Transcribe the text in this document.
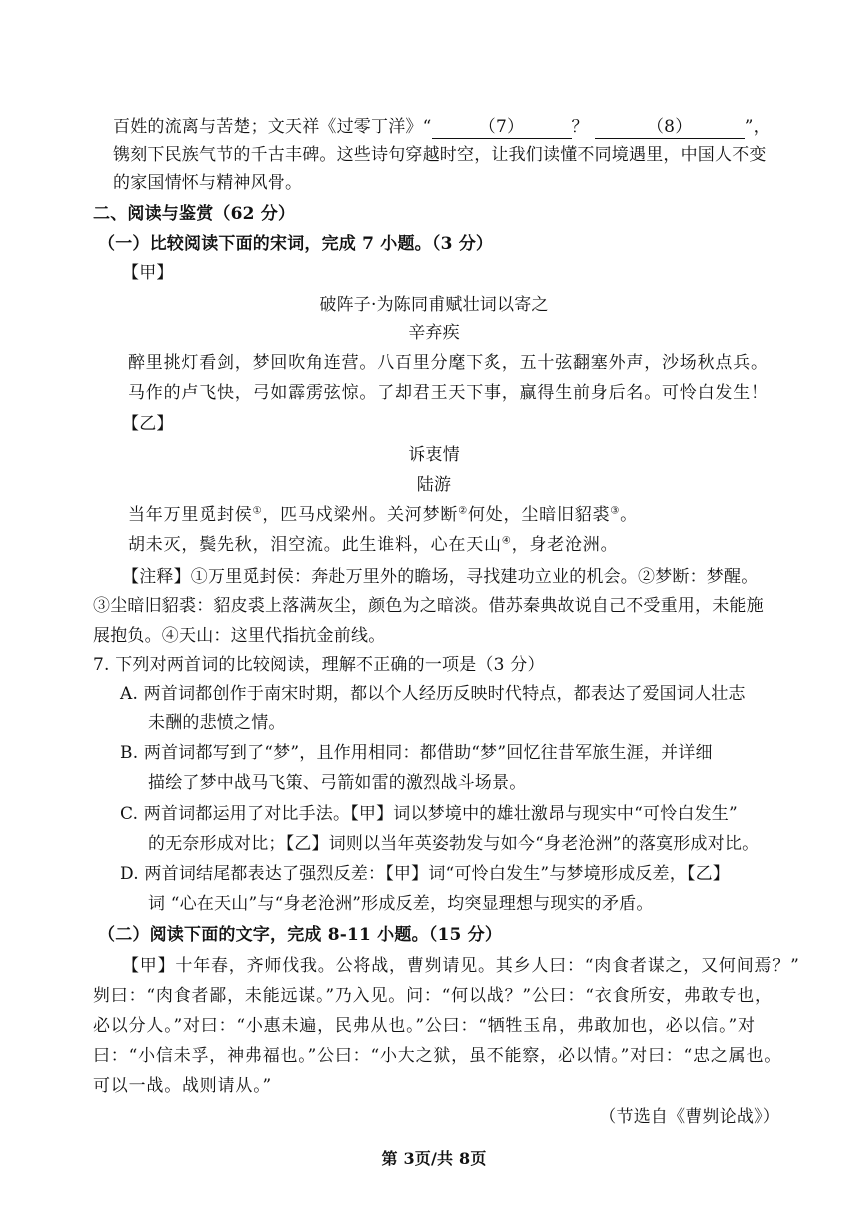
百姓的流离与苦楚；文天祥《过零丁洋》“	（7）	？	（8）	”，
镌刻下民族气节的千古丰碑。这些诗句穿越时空，让我们读懂不同境遇里，中国人不变
的家国情怀与精神风骨。
二、阅读与鉴赏（62 分）
（一）比较阅读下面的宋词，完成 7 小题。（3 分）
【甲】
破阵子·为陈同甫赋壮词以寄之
辛弃疾
醉里挑灯看剑，梦回吹角连营。八百里分麾下炙，五十弦翻塞外声，沙场秋点兵。
马作的卢飞快，弓如霹雳弦惊。了却君王天下事，赢得生前身后名。可怜白发生！
【乙】
诉衷情
陆游
当年万里觅封侯①，匹马戍梁州。关河梦断②何处，尘暗旧貂裘③。
胡未灭，鬓先秋，泪空流。此生谁料，心在天山④，身老沧洲。
【注释】①万里觅封侯：奔赴万里外的瞻场，寻找建功立业的机会。②梦断：梦醒。
③尘暗旧貂裘：貂皮裘上落满灰尘，颜色为之暗淡。借苏秦典故说自己不受重用，未能施
展抱负。④天山：这里代指抗金前线。
7. 下列对两首词的比较阅读，理解不正确的一项是（3 分）
A. 两首词都创作于南宋时期，都以个人经历反映时代特点，都表达了爱国词人壮志
未酬的悲愤之情。
B. 两首词都写到了“梦”，且作用相同：都借助“梦”回忆往昔军旅生涯，并详细
描绘了梦中战马飞策、弓箭如雷的激烈战斗场景。
C. 两首词都运用了对比手法。【甲】词以梦境中的雄壮激昂与现实中“可怜白发生”
的无奈形成对比；【乙】词则以当年英姿勃发与如今“身老沧洲”的落寞形成对比。
D. 两首词结尾都表达了强烈反差：【甲】词“可怜白发生”与梦境形成反差，【乙】
词 “心在天山”与“身老沧洲”形成反差，均突显理想与现实的矛盾。
（二）阅读下面的文字，完成 8-11 小题。（15 分）
【甲】十年春，齐师伐我。公将战，曹刿请见。其乡人曰：“肉食者谋之，又何间焉？”
刿曰：“肉食者鄙，未能远谋。”乃入见。问：“何以战？”公曰：“衣食所安，弗敢专也，
必以分人。”对曰：“小惠未遍，民弗从也。”公曰：“牺牲玉帛，弗敢加也，必以信。”对
曰：“小信未孚，神弗福也。”公曰：“小大之狱，虽不能察，必以情。”对曰：“忠之属也。
可以一战。战则请从。”
（节选自《曹刿论战》）
第 3页/共 8页
